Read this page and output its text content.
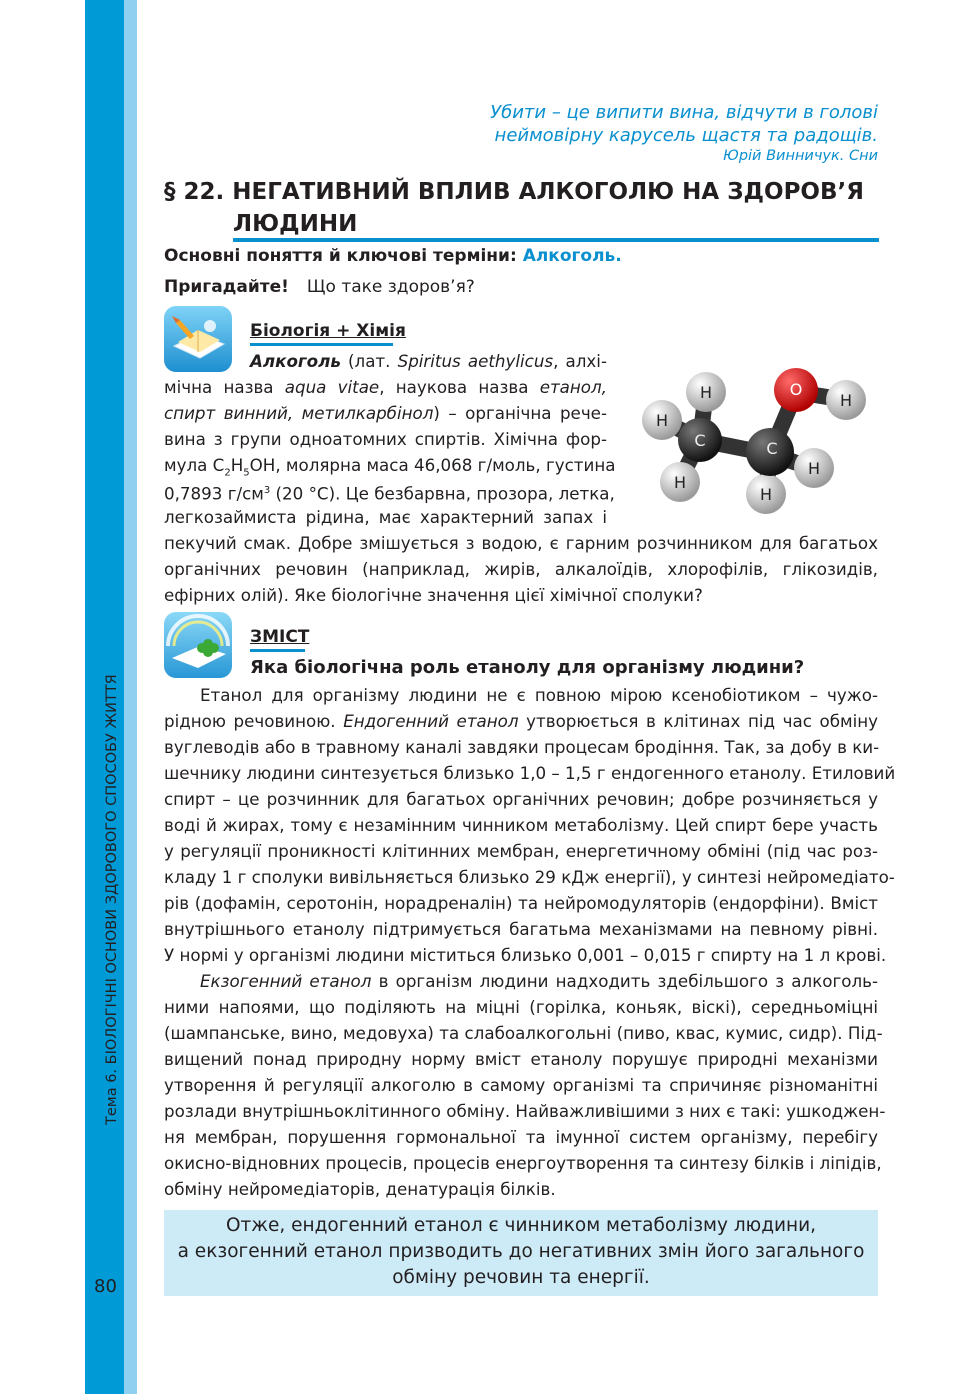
Тема 6. БІОЛОГІЧНІ ОСНОВИ ЗДОРОВОГО СПОСОБУ ЖИТТЯ
80
Убити – це випити вина, відчути в голові
неймовірну карусель щастя та радощів.
Юрій Винничук. Сни
§ 22. НЕГАТИВНИЙ ВПЛИВ АЛКОГОЛЮ НА ЗДОРОВ’Я
ЛЮДИНИ
Основні поняття й ключові терміни: Алкоголь.
Пригадайте! Що таке здоров’я?
Біологія + Хімія
Алкоголь (лат. Spiritus aethylicus, алхі-
мічна назва aqua vitae, наукова назва етанол,
спирт винний, метилкарбінол) – органічна рече-
вина з групи одноатомних спиртів. Хімічна фор-
мула $C_2H_5OH$, молярна маса 46,068 г/моль, густина
0,7893 $г/см^3$ (20 °C). Це безбарвна, прозора, летка,
легкозаймиста рідина, має характерний запах і
пекучий смак. Добре змішується з водою, є гарним розчинником для багатьох
органічних речовин (наприклад, жирів, алкалоїдів, хлорофілів, глікозидів,
ефірних олій). Яке біологічне значення цієї хімічної сполуки?
H
H
H
C
H
H
C
H
O
ЗМІСТ
Яка біологічна роль етанолу для організму людини?
Етанол для організму людини не є повною мірою ксенобіотиком – чужо-
рідною речовиною. Ендогенний етанол утворюється в клітинах під час обміну
вуглеводів або в травному каналі завдяки процесам бродіння. Так, за добу в ки-
шечнику людини синтезується близько 1,0 – 1,5 г ендогенного етанолу. Етиловий
спирт – це розчинник для багатьох органічних речовин; добре розчиняється у
воді й жирах, тому є незамінним чинником метаболізму. Цей спирт бере участь
у регуляції проникності клітинних мембран, енергетичному обміні (під час роз-
кладу 1 г сполуки вивільняється близько 29 кДж енергії), у синтезі нейромедіато-
рів (дофамін, серотонін, норадреналін) та нейромодуляторів (ендорфіни). Вміст
внутрішнього етанолу підтримується багатьма механізмами на певному рівні.
У нормі у організмі людини міститься близько 0,001 – 0,015 г спирту на 1 л крові.
Екзогенний етанол в організм людини надходить здебільшого з алкоголь-
ними напоями, що поділяють на міцні (горілка, коньяк, віскі), середньоміцні
(шампанське, вино, медовуха) та слабоалкогольні (пиво, квас, кумис, сидр). Під-
вищений понад природну норму вміст етанолу порушує природні механізми
утворення й регуляції алкоголю в самому організмі та спричиняє різноманітні
розлади внутрішньоклітинного обміну. Найважливішими з них є такі: ушкоджен-
ня мембран, порушення гормональної та імунної систем організму, перебігу
окисно-відновних процесів, процесів енергоутворення та синтезу білків і ліпідів,
обміну нейромедіаторів, денатурація білків.
Отже, ендогенний етанол є чинником метаболізму людини,
а екзогенний етанол призводить до негативних змін його загального
обміну речовин та енергії.
